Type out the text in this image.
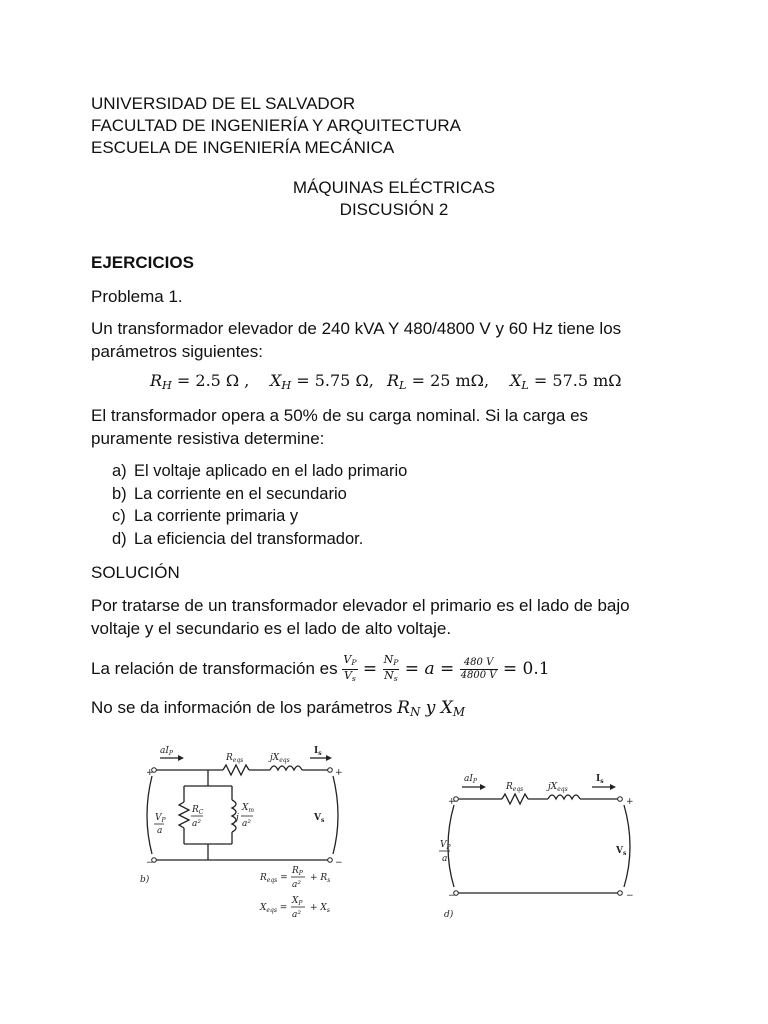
UNIVERSIDAD DE EL SALVADOR
FACULTAD DE INGENIERÍA Y ARQUITECTURA
ESCUELA DE INGENIERÍA MECÁNICA
MÁQUINAS ELÉCTRICAS
DISCUSIÓN 2
EJERCICIOS
Problema 1.
Un transformador elevador de 240 kVA Y 480/4800 V y 60 Hz tiene los
parámetros siguientes:
$R_H = 2.5$ Ω , $X_H = 5.75$ Ω, $R_L = 25$ mΩ, $X_L = 57.5$ mΩ
El transformador opera a 50% de su carga nominal. Si la carga es
puramente resistiva determine:
a) El voltaje aplicado en el lado primario
b) La corriente en el secundario
c) La corriente primaria y
d) La eficiencia del transformador.
SOLUCIÓN
Por tratarse de un transformador elevador el primario es el lado de bajo
voltaje y el secundario es el lado de alto voltaje.
La relación de transformación es $\frac{V_P}{V_s} = \frac{N_P}{N_s} = a = \frac{480 V}{4800 V} = 0.1$
No se da información de los parámetros $R_N$ y $X_M$
$aI_P$	$R_{eqs}$	$jX_{eqs}$
$I_s$
+	+
−	−
$V_P$
a
$R_C$
a²
j
$X_m$
a²
$V_s$
b)	$R_{eqs}$ =
$R_P$
a²
+ $R_s$
$X_{eqs}$ =
$X_P$
a²
+ $X_s$
$aI_P$
$R_{eqs}$	$jX_{eqs}$
$I_s$
+	+
−	−
$V_P$
a
$V_s$
d)
